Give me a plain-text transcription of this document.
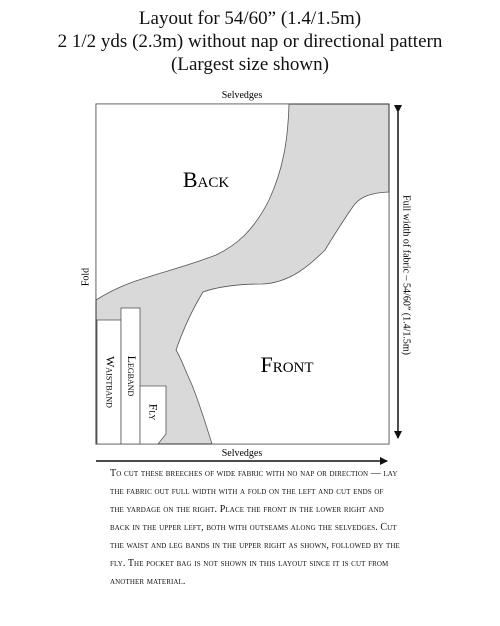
Layout for 54/60” (1.4/1.5m)
2 1/2 yds (2.3m) without nap or directional pattern
(Largest size shown)
Back
Front
Waistband Legband
Fly
Selvedges
Selvedges
Fold	Full width of fabric – 54/60” (1.4/1.5m)
To cut these breeches of wide fabric with no nap or direction — lay the fabric out full width with a fold on the left and cut ends of the yardage on the right. Place the front in the lower right and back in the upper left, both with outseams along the selvedges. Cut the waist and leg bands in the upper right as shown, followed by the fly. The pocket bag is not shown in this layout since it is cut from another material.
